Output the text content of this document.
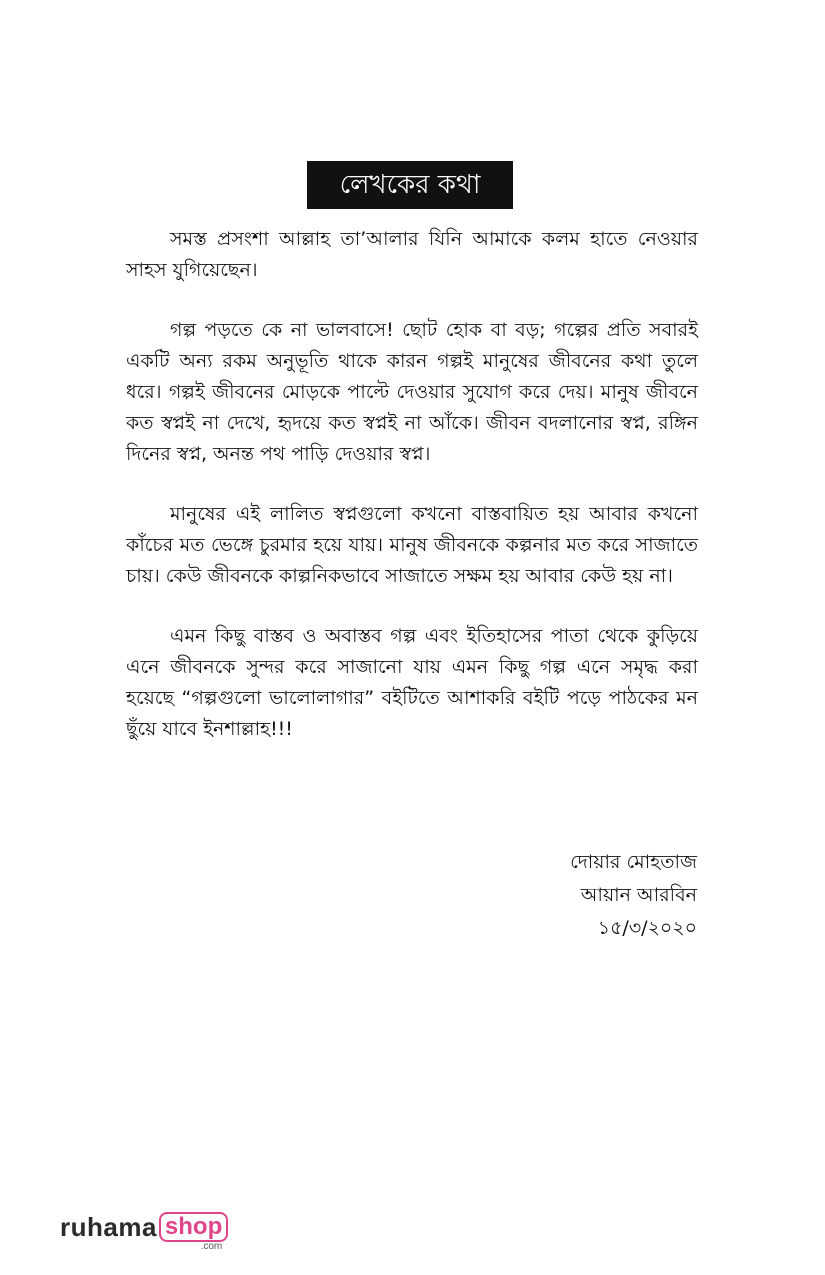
লেখকের কথা

সমস্ত প্রসংশা আল্লাহ তা’আলার যিনি আমাকে কলম হাতে নেওয়ার সাহস যুগিয়েছেন।

গল্প পড়তে কে না ভালবাসে! ছোট হোক বা বড়; গল্পের প্রতি সবারই একটি অন্য রকম অনুভূতি থাকে কারন গল্পই মানুষের জীবনের কথা তুলে ধরে। গল্পই জীবনের মোড়কে পাল্টে দেওয়ার সুযোগ করে দেয়। মানুষ জীবনে কত স্বপ্নই না দেখে, হৃদয়ে কত স্বপ্নই না আঁকে। জীবন বদলানোর স্বপ্ন, রঙ্গিন দিনের স্বপ্ন, অনন্ত পথ পাড়ি দেওয়ার স্বপ্ন।

মানুষের এই লালিত স্বপ্নগুলো কখনো বাস্তবায়িত হয় আবার কখনো কাঁচের মত ভেঙ্গে চুরমার হয়ে যায়। মানুষ জীবনকে কল্পনার মত করে সাজাতে চায়। কেউ জীবনকে কাল্পনিকভাবে সাজাতে সক্ষম হয় আবার কেউ হয় না।

এমন কিছু বাস্তব ও অবাস্তব গল্প এবং ইতিহাসের পাতা থেকে কুড়িয়ে এনে জীবনকে সুন্দর করে সাজানো যায় এমন কিছু গল্প এনে সমৃদ্ধ করা হয়েছে “গল্পগুলো ভালোলাগার” বইটিতে আশাকরি বইটি পড়ে পাঠকের মন ছুঁয়ে যাবে ইনশাল্লাহ!!!

দোয়ার মোহতাজ
আয়ান আরবিন
১৫/৩/২০২০
ruhama shop
.com
